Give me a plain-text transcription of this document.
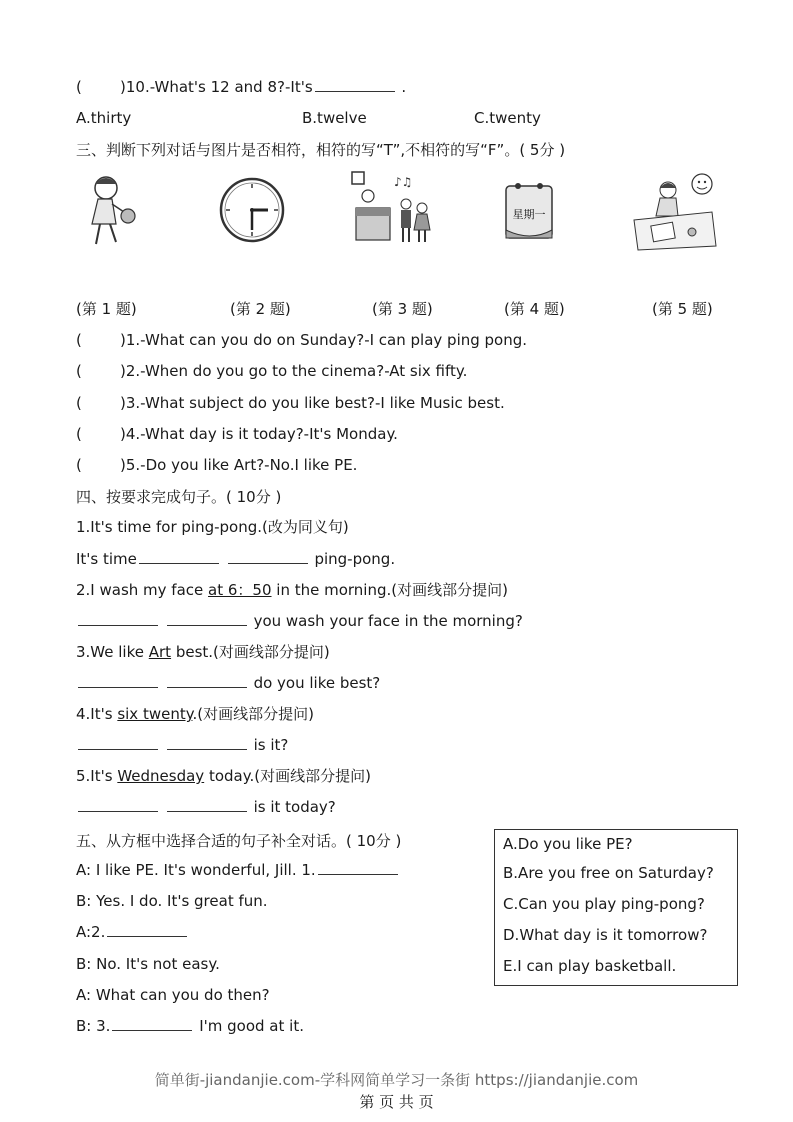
(	)10.-What's 12 and 8?-It's	.
A.thirty	B.twelve	C.twenty
三、判断下列对话与图片是否相符，相符的写“T”,不相符的写“F”。( 5分 )
♪♫
星期一
(第 1 题)	(第 2 题)	(第 3 题)	(第 4 题)	(第 5 题)
(	)1.-What can you do on Sunday?-I can play ping pong.
(	)2.-When do you go to the cinema?-At six fifty.
(	)3.-What subject do you like best?-I like Music best.
(	)4.-What day is it today?-It's Monday.
(	)5.-Do you like Art?-No.I like PE.
四、按要求完成句子。( 10分 )
1.It's time for ping-pong.(改为同义句)
It's time	ping-pong.
2.I wash my face at 6：50 in the morning.(对画线部分提问)
you wash your face in the morning?
3.We like Art best.(对画线部分提问)
do you like best?
4.It's six twenty.(对画线部分提问)
is it?
5.It's Wednesday today.(对画线部分提问)
is it today?
五、从方框中选择合适的句子补全对话。( 10分 )
A: I like PE. It's wonderful, Jill. 1.
B: Yes. I do. It's great fun.
A:2.
B: No. It's not easy.
A: What can you do then?
B: 3.	I'm good at it.
A.Do you like PE?
B.Are you free on Saturday?
C.Can you play ping-pong?
D.What day is it tomorrow?
E.I can play basketball.
简单街-jiandanjie.com-学科网简单学习一条街 https://jiandanjie.com
第 页 共 页
